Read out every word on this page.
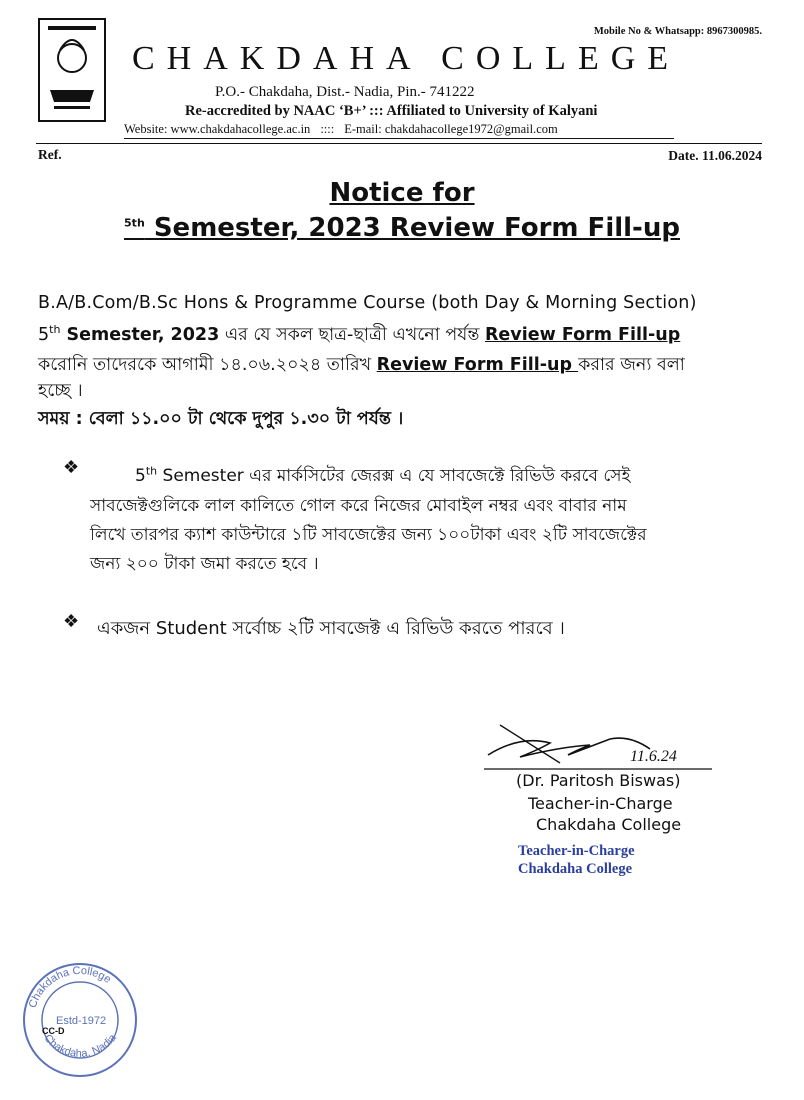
Mobile No & Whatsapp: 8967300985.
CHAKDAHA COLLEGE
P.O.- Chakdaha, Dist.- Nadia, Pin.- 741222
Re-accredited by NAAC ‘B+’ ::: Affiliated to University of Kalyani
Website: www.chakdahacollege.ac.in :::: E-mail: chakdahacollege1972@gmail.com
Ref.	Date. 11.06.2024
Notice for
$^{5th}$ Semester, 2023 Review Form Fill-up
B.A/B.Com/B.Sc Hons & Programme Course (both Day & Morning Section)
5th Semester, 2023 এর যে সকল ছাত্র-ছাত্রী এখনো পর্যন্ত Review Form Fill-up
করোনি তাদেরকে আগামী ১৪.০৬.২০২৪ তারিখ Review Form Fill-up করার জন্য বলা
হচ্ছে ।
সময় : বেলা ১১.০০ টা থেকে দুপুর ১.৩০ টা পর্যন্ত ।
❖	5th Semester এর মার্কসিটের জেরক্স এ যে সাবজেক্টে রিভিউ করবে সেই
সাবজেক্টগুলিকে লাল কালিতে গোল করে নিজের মোবাইল নম্বর এবং বাবার নাম
লিখে তারপর ক্যাশ কাউন্টারে ১টি সাবজেক্টের জন্য ১০০টাকা এবং ২টি সাবজেক্টের
জন্য ২০০ টাকা জমা করতে হবে ।
❖ একজন Student সর্বোচ্চ ২টি সাবজেক্ট এ রিভিউ করতে পারবে ।
11.6.24
(Dr. Paritosh Biswas)
Teacher-in-Charge
Chakdaha College
Teacher-in-Charge
Chakdaha College
Chakdaha College
Chakdaha, Nadia
Estd-1972
CC-D
